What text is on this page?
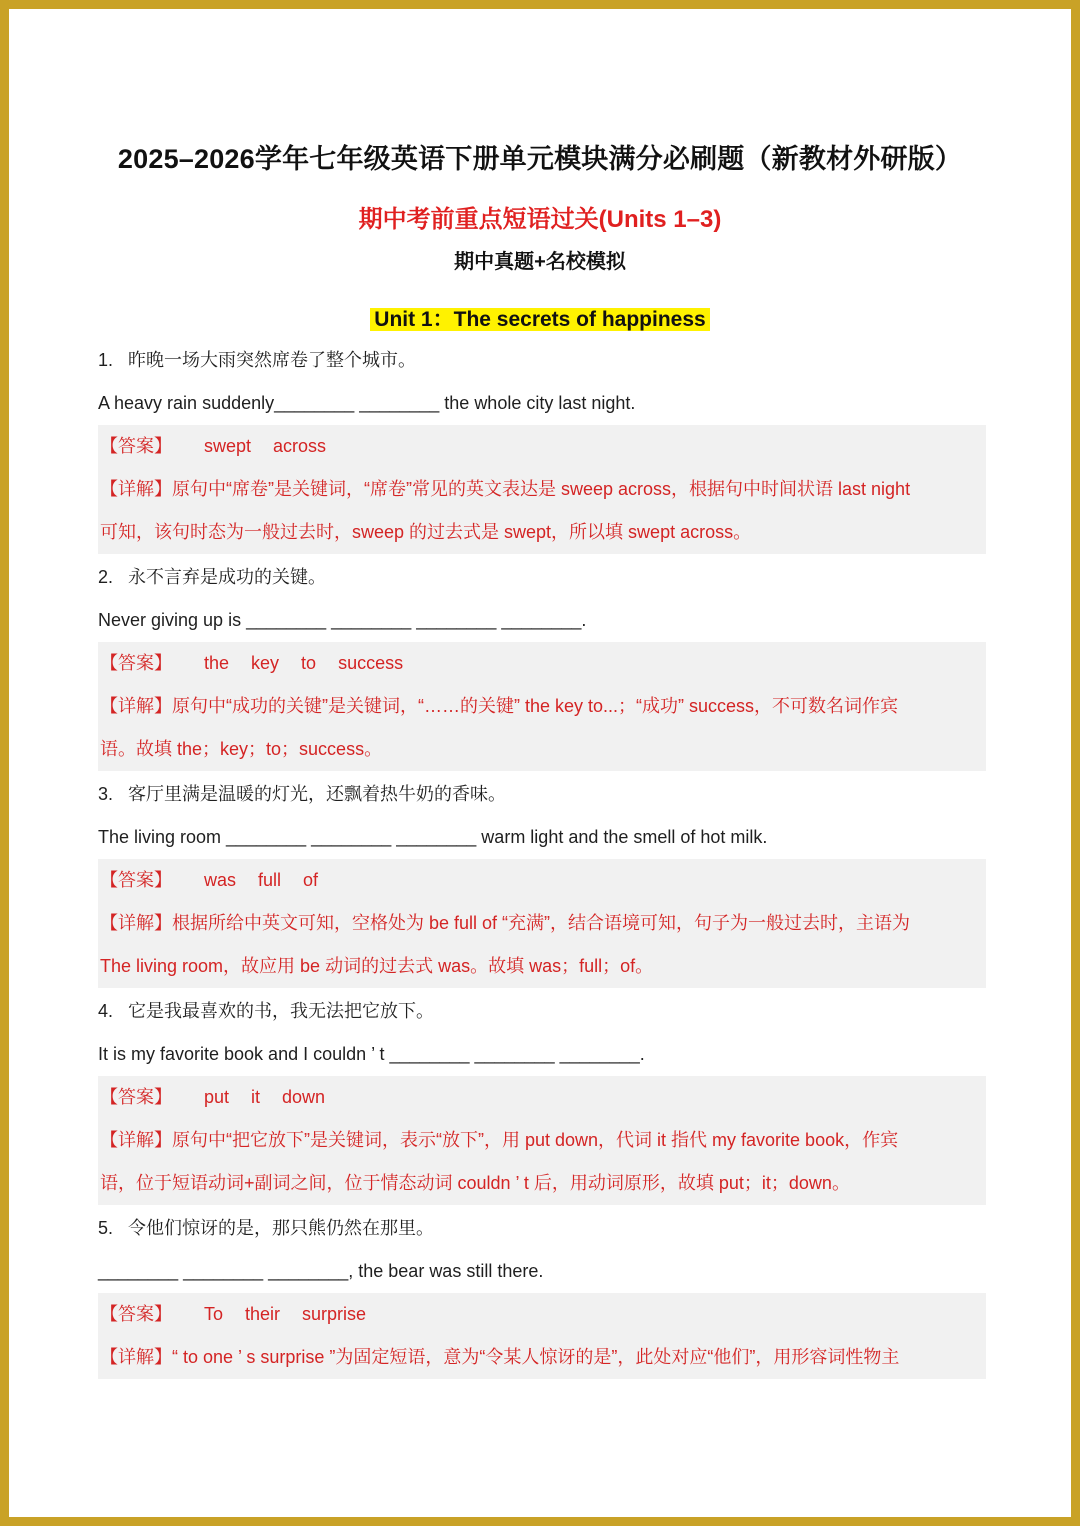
2025–2026学年七年级英语下册单元模块满分必刷题（新教材外研版）
期中考前重点短语过关(Units 1–3)
期中真题+名校模拟
Unit 1：The secrets of happiness
1. 昨晚一场大雨突然席卷了整个城市。
A heavy rain suddenly________ ________ the whole city last night.
【答案】 swept across
【详解】原句中“席卷”是关键词，“席卷”常见的英文表达是 sweep across，根据句中时间状语 last night
可知，该句时态为一般过去时，sweep 的过去式是 swept，所以填 swept across。
2. 永不言弃是成功的关键。
Never giving up is ________ ________ ________ ________.
【答案】 the key to success
【详解】原句中“成功的关键”是关键词，“……的关键” the key to...；“成功” success，不可数名词作宾
语。故填 the；key；to；success。
3. 客厅里满是温暖的灯光，还飘着热牛奶的香味。
The living room ________ ________ ________ warm light and the smell of hot milk.
【答案】 was full of
【详解】根据所给中英文可知，空格处为 be full of “充满”，结合语境可知，句子为一般过去时，主语为
The living room，故应用 be 动词的过去式 was。故填 was；full；of。
4. 它是我最喜欢的书，我无法把它放下。
It is my favorite book and I couldn ’ t ________ ________ ________.
【答案】 put it down
【详解】原句中“把它放下”是关键词，表示“放下”，用 put down，代词 it 指代 my favorite book，作宾
语，位于短语动词+副词之间，位于情态动词 couldn ’ t 后，用动词原形，故填 put；it；down。
5. 令他们惊讶的是，那只熊仍然在那里。
________ ________ ________, the bear was still there.
【答案】 To their surprise
【详解】“ to one ’ s surprise ”为固定短语，意为“令某人惊讶的是”，此处对应“他们”，用形容词性物主
